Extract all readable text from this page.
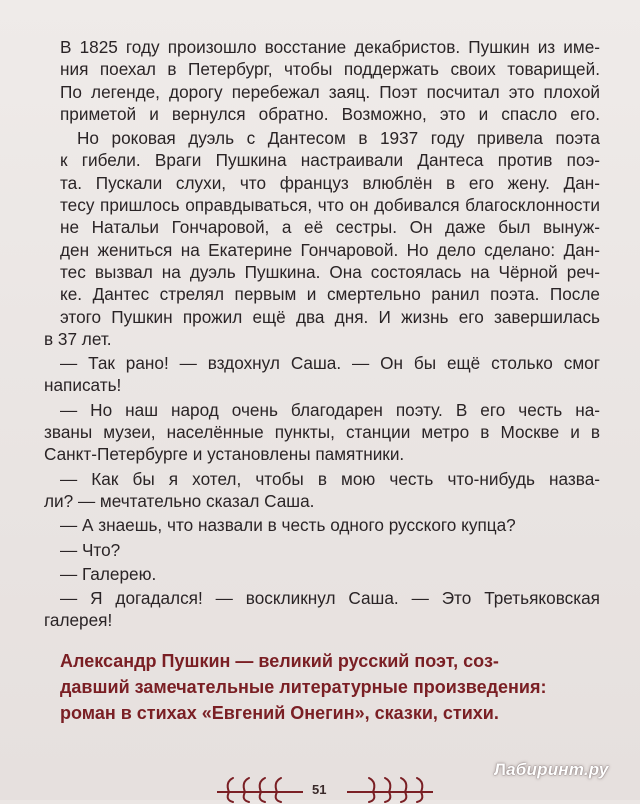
В 1825 году произошло восстание декабристов. Пушкин из име-
ния поехал в Петербург, чтобы поддержать своих товарищей.
По легенде, дорогу перебежал заяц. Поэт посчитал это плохой
приметой и вернулся обратно. Возможно, это и спасло его.
Но роковая дуэль с Дантесом в 1937 году привела поэта
к гибели. Враги Пушкина настраивали Дантеса против поэ-
та. Пускали слухи, что француз влюблён в его жену. Дан-
тесу пришлось оправдываться, что он добивался благосклонности
не Натальи Гончаровой, а её сестры. Он даже был вынуж-
ден жениться на Екатерине Гончаровой. Но дело сделано: Дан-
тес вызвал на дуэль Пушкина. Она состоялась на Чёрной реч-
ке. Дантес стрелял первым и смертельно ранил поэта. После
этого Пушкин прожил ещё два дня. И жизнь его завершилась
в 37 лет.
— Так рано! — вздохнул Саша. — Он бы ещё столько смог
написать!
— Но наш народ очень благодарен поэту. В его честь на-
званы музеи, населённые пункты, станции метро в Москве и в
Санкт-Петербурге и установлены памятники.
— Как бы я хотел, чтобы в мою честь что-нибудь назва-
ли? — мечтательно сказал Саша.
— А знаешь, что назвали в честь одного русского купца?
— Что?
— Галерею.
— Я догадался! — воскликнул Саша. — Это Третьяковская
галерея!
Александр Пушкин — великий русский поэт, соз-
давший замечательные литературные произведения:
роман в стихах «Евгений Онегин», сказки, стихи.
51
Лабиринт.ру
